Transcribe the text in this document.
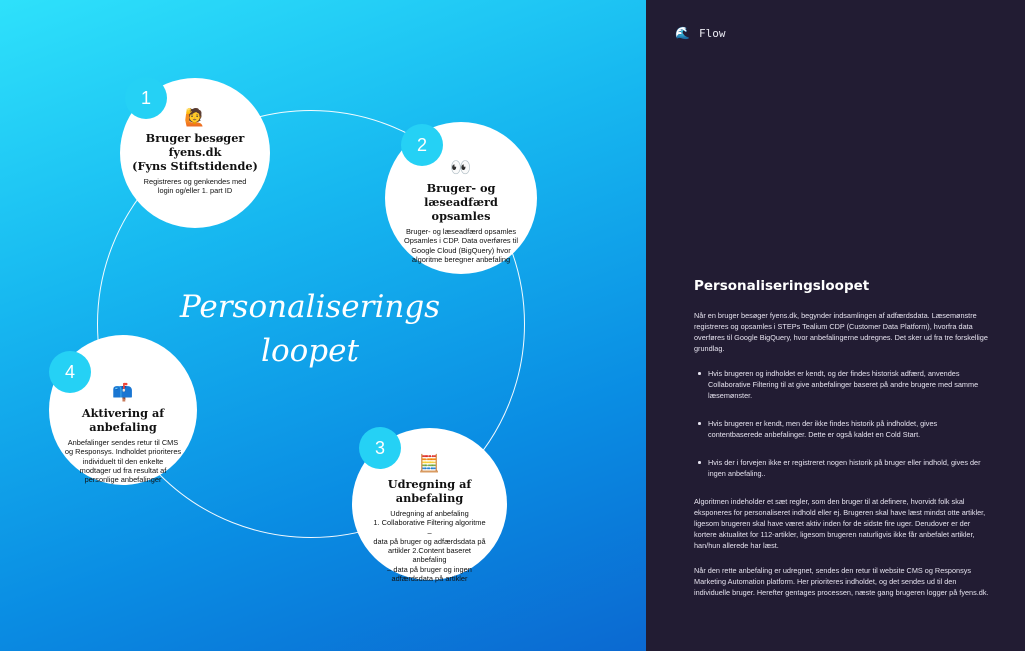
Personaliserings
loopet
🙋
Bruger besøger fyens.dk
(Fyns Stiftstidende)
Registreres og genkendes med
login og/eller 1. part ID
👀
Bruger- og læseadfærd
opsamles
Bruger- og læseadfærd opsamles
Opsamles i CDP. Data overføres til
Google Cloud (BigQuery) hvor
algoritme beregner anbefaling
🧮
Udregning af anbefaling
Udregning af anbefaling
1. Collaborative Filtering algoritme –
data på bruger og adfærdsdata på
artikler 2.Content baseret anbefaling
– data på bruger og ingen
adfærdsdata på artikler
📫
Aktivering af anbefaling
Anbefalinger sendes retur til CMS
og Responsys. Indholdet prioriteres
individuelt til den enkelte
modtager ud fra resultat af
personlige anbefalinger
1
2
3
4
🌊 Flow
Personaliseringsloopet

Når en bruger besøger fyens.dk, begynder indsamlingen af adfærdsdata. Læsemønstre registreres og opsamles i STEPs Tealium CDP (Customer Data Platform), hvorfra data overføres til Google BigQuery, hvor anbefalingerne udregnes. Det sker ud fra tre forskellige grundlag.

Hvis brugeren og indholdet er kendt, og der findes historisk adfærd, anvendes Collaborative Filtering til at give anbefalinger baseret på andre brugere med samme læsemønster.
Hvis brugeren er kendt, men der ikke findes historik på indholdet, gives contentbaserede anbefalinger. Dette er også kaldet en Cold Start.
Hvis der i forvejen ikke er registreret nogen historik på bruger eller indhold, gives der ingen anbefaling..

Algoritmen indeholder et sæt regler, som den bruger til at definere, hvorvidt folk skal eksponeres for personaliseret indhold eller ej. Brugeren skal have læst mindst otte artikler, ligesom brugeren skal have været aktiv inden for de sidste fire uger. Derudover er der kortere aktualitet for 112-artikler, ligesom brugeren naturligvis ikke får anbefalet artikler, han/hun allerede har læst.

Når den rette anbefaling er udregnet, sendes den retur til website CMS og Responsys Marketing Automation platform. Her prioriteres indholdet, og det sendes ud til den individuelle bruger. Herefter gentages processen, næste gang brugeren logger på fyens.dk.
